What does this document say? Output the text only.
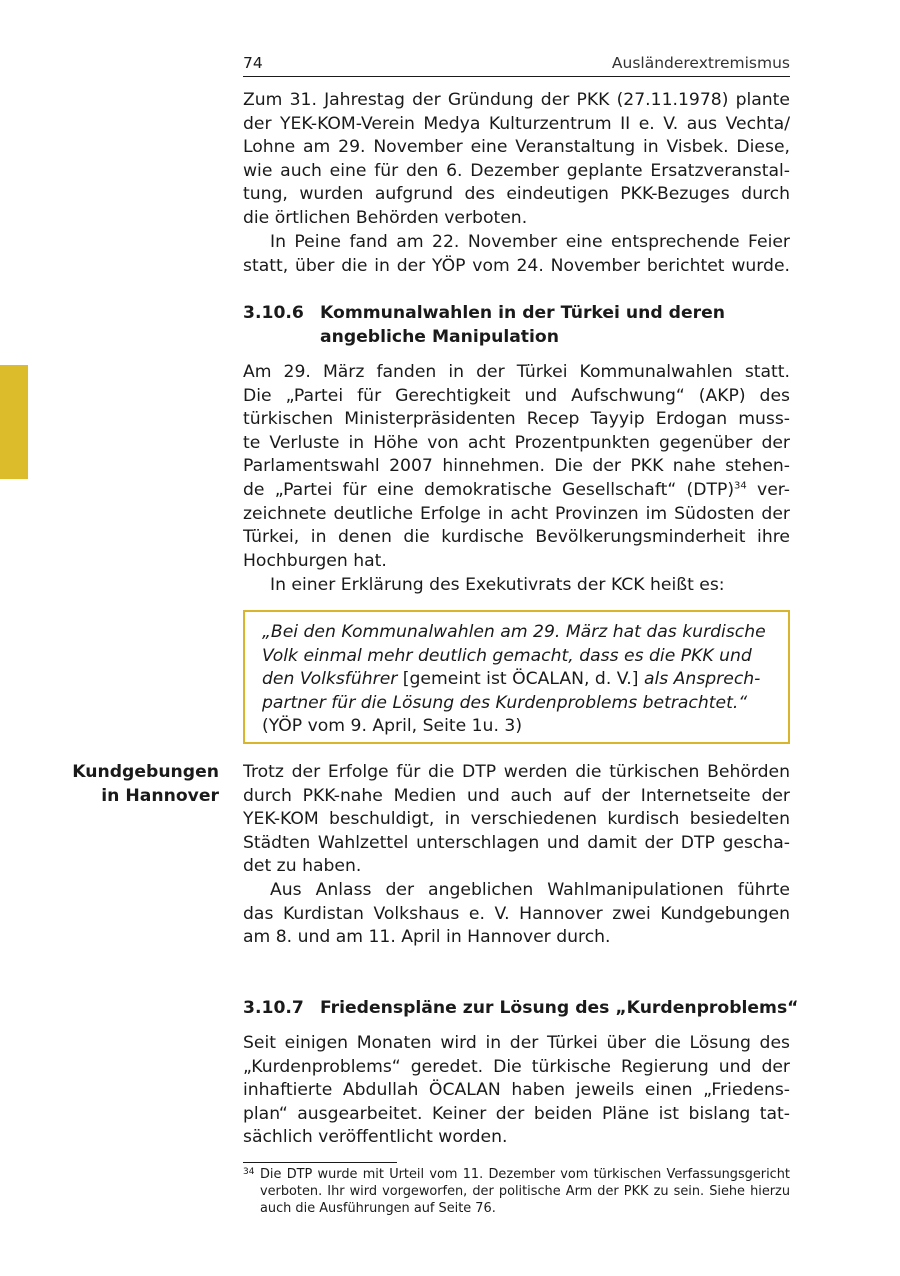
74	Ausländerextremismus
Zum 31. Jahrestag der Gründung der PKK (27.11.1978) plante
der YEK-KOM-Verein Medya Kulturzentrum II e. V. aus Vechta/
Lohne am 29. November eine Veranstaltung in Visbek. Diese,
wie auch eine für den 6. Dezember geplante Ersatzveranstal-
tung, wurden aufgrund des eindeutigen PKK-Bezuges durch
die örtlichen Behörden verboten.
In Peine fand am 22. November eine entsprechende Feier
statt, über die in der YÖP vom 24. November berichtet wurde.
3.10.6 Kommunalwahlen in der Türkei und deren
angebliche Manipulation
Am 29. März fanden in der Türkei Kommunalwahlen statt.
Die „Partei für Gerechtigkeit und Aufschwung“ (AKP) des
türkischen Ministerpräsidenten Recep Tayyip Erdogan muss-
te Verluste in Höhe von acht Prozentpunkten gegenüber der
Parlamentswahl 2007 hinnehmen. Die der PKK nahe stehen-
de „Partei für eine demokratische Gesellschaft“ (DTP)$^{34}$ ver-
zeichnete deutliche Erfolge in acht Provinzen im Südosten der
Türkei, in denen die kurdische Bevölkerungsminderheit ihre
Hochburgen hat.
In einer Erklärung des Exekutivrats der KCK heißt es:
„Bei den Kommunalwahlen am 29. März hat das kurdische
Volk einmal mehr deutlich gemacht, dass es die PKK und
den Volksführer [gemeint ist ÖCALAN, d. V.] als Ansprech-
partner für die Lösung des Kurdenproblems betrachtet.“
(YÖP vom 9. April, Seite 1u. 3)
Kundgebungen
in Hannover
Trotz der Erfolge für die DTP werden die türkischen Behörden
durch PKK-nahe Medien und auch auf der Internetseite der
YEK-KOM beschuldigt, in verschiedenen kurdisch besiedelten
Städten Wahlzettel unterschlagen und damit der DTP gescha-
det zu haben.
Aus Anlass der angeblichen Wahlmanipulationen führte
das Kurdistan Volkshaus e. V. Hannover zwei Kundgebungen
am 8. und am 11. April in Hannover durch.
3.10.7 Friedenspläne zur Lösung des „Kurdenproblems“
Seit einigen Monaten wird in der Türkei über die Lösung des
„Kurdenproblems“ geredet. Die türkische Regierung und der
inhaftierte Abdullah ÖCALAN haben jeweils einen „Friedens-
plan“ ausgearbeitet. Keiner der beiden Pläne ist bislang tat-
sächlich veröffentlicht worden.
34 Die DTP wurde mit Urteil vom 11. Dezember vom türkischen Verfassungsgericht
verboten. Ihr wird vorgeworfen, der politische Arm der PKK zu sein. Siehe hierzu
auch die Ausführungen auf Seite 76.
